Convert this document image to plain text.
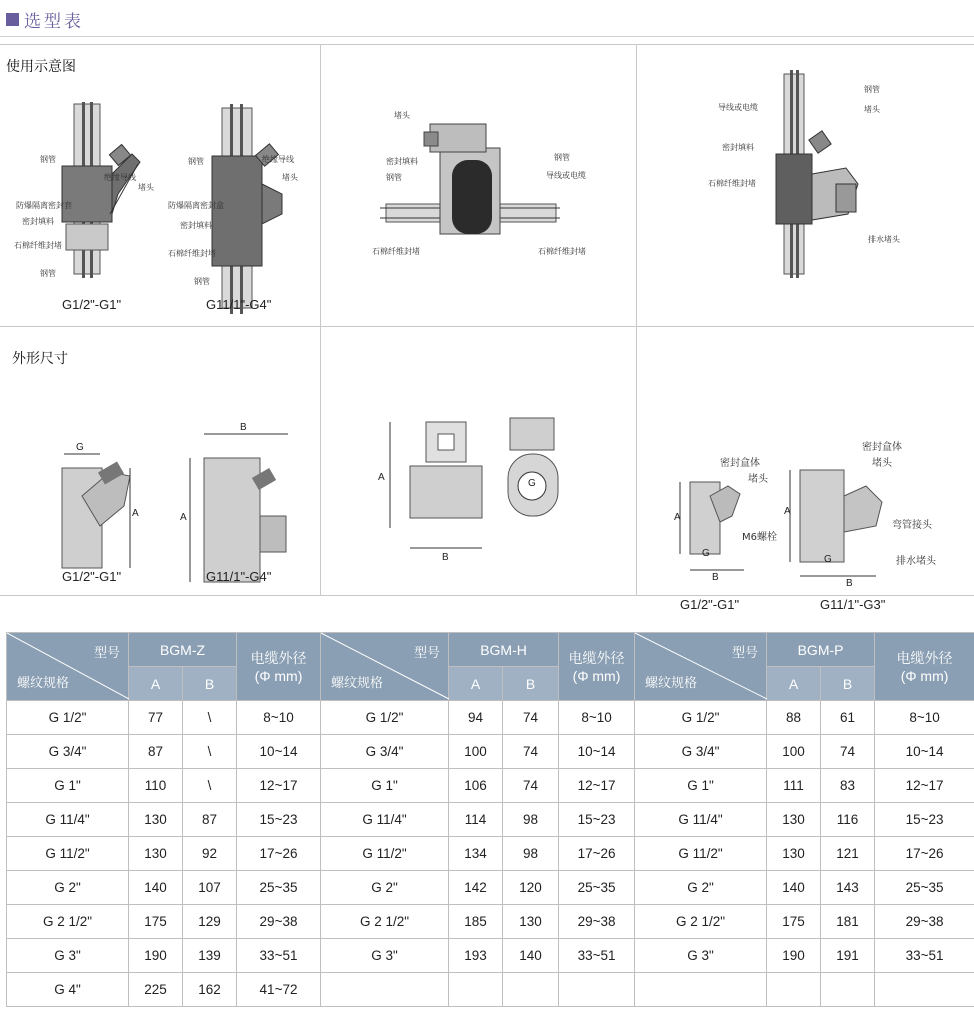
选型表
使用示意图
钢管
绝缘导线
堵头
防爆隔离密封套
密封填料
石棉纤维封堵
钢管
钢管	绝缘导线
堵头
防爆隔离密封盒
密封填料
石棉纤维封堵
钢管
G1/2"-G1"	G11/1"-G4"
堵头
密封填料
钢管
钢管
导线或电缆
石棉纤维封堵	石棉纤维封堵
钢管
导线或电缆	堵头
密封填料
石棉纤维封堵
排水堵头
外形尺寸
G
A
B
A
G1/2"-G1"	G11/1"-G4"
A
B
G
密封盒体
堵头
M6螺栓
密封盒体
堵头
弯管接头
排水堵头
A
G
B
A
G
B
G1/2"-G1"	G11/1"-G3"
型号
螺纹规格	BGM-Z		电缆外径
(Φ mm)	型号
螺纹规格	BGM-H		电缆外径
(Φ mm)	型号
螺纹规格	BGM-P		电缆外径
(Φ mm)
	A	B			A	B			A	B	
G 1/2"	77	\	8~10	G 1/2"	94	74	8~10	G 1/2"	88	61	8~10
G 3/4"	87	\	10~14	G 3/4"	100	74	10~14	G 3/4"	100	74	10~14
G 1"	110	\	12~17	G 1"	106	74	12~17	G 1"	111	83	12~17
G 11/4"	130	87	15~23	G 11/4"	114	98	15~23	G 11/4"	130	116	15~23
G 11/2"	130	92	17~26	G 11/2"	134	98	17~26	G 11/2"	130	121	17~26
G 2"	140	107	25~35	G 2"	142	120	25~35	G 2"	140	143	25~35
G 2 1/2"	175	129	29~38	G 2 1/2"	185	130	29~38	G 2 1/2"	175	181	29~38
G 3"	190	139	33~51	G 3"	193	140	33~51	G 3"	190	191	33~51
G 4"	225	162	41~72								
